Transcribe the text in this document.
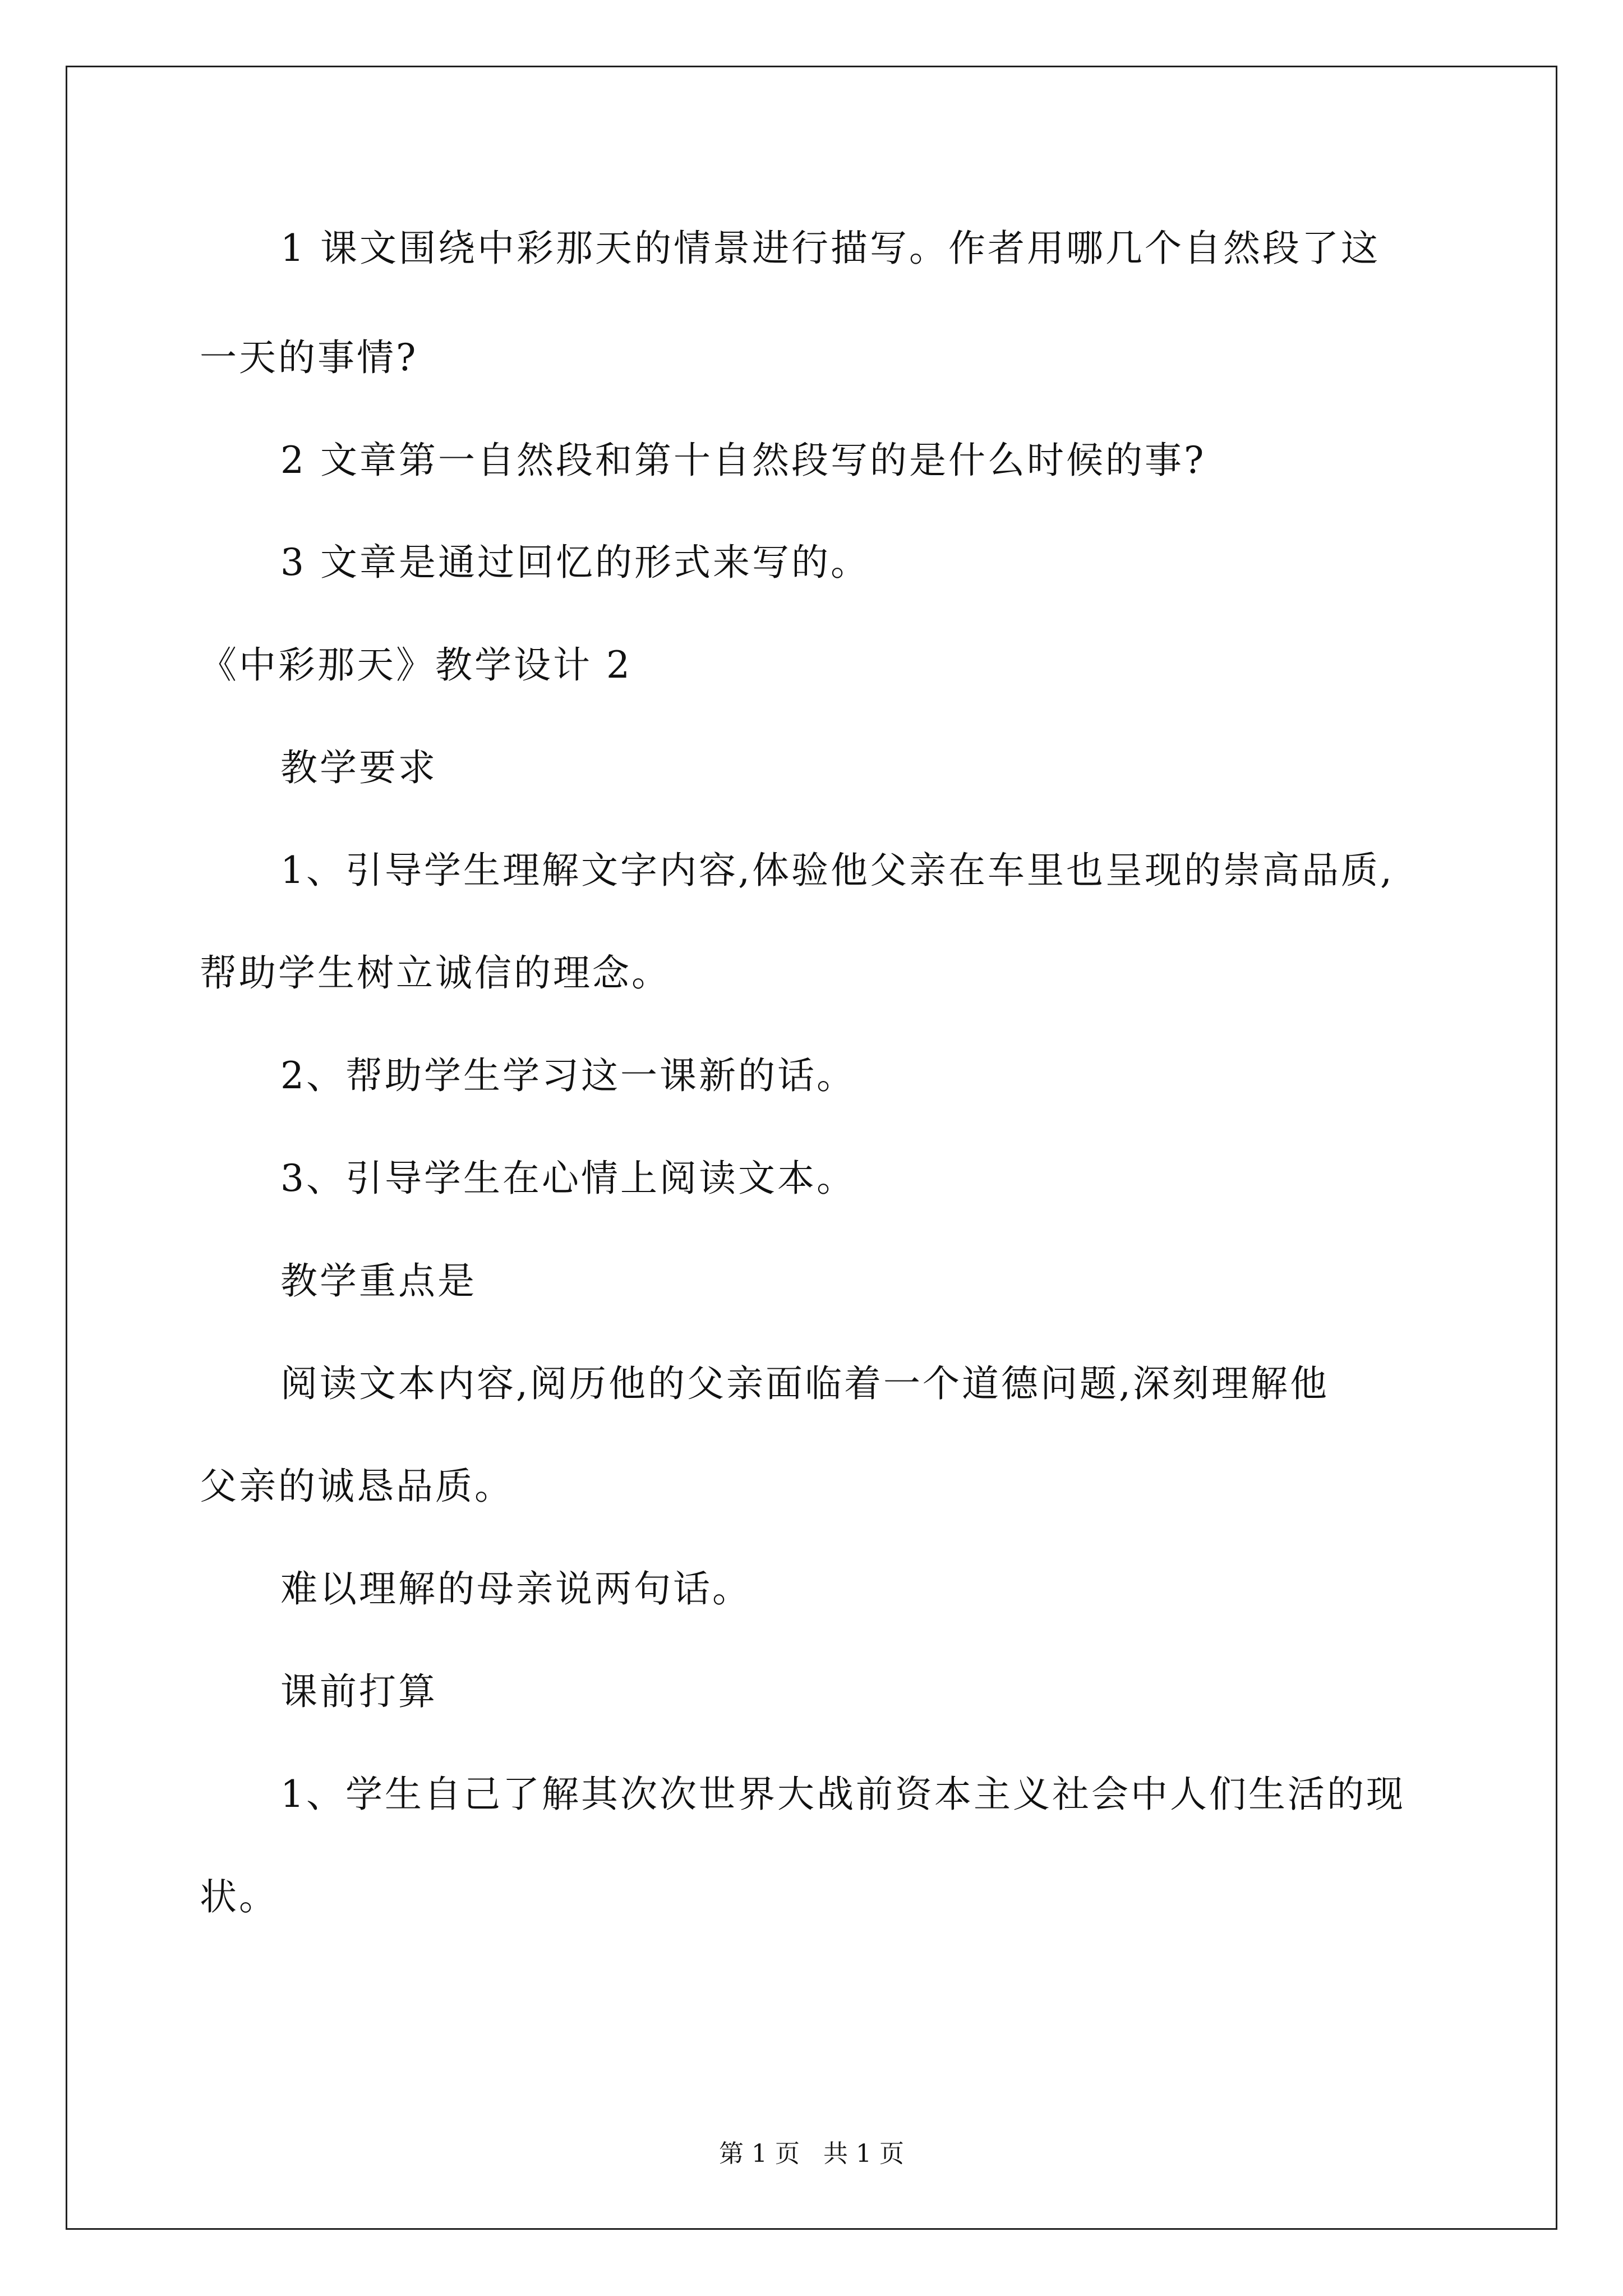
1 课文围绕中彩那天的情景进行描写。作者用哪几个自然段了这
一天的事情?
2 文章第一自然段和第十自然段写的是什么时候的事?
3 文章是通过回忆的形式来写的。
《中彩那天》教学设计 2
教学要求
1、引导学生理解文字内容,体验他父亲在车里也呈现的崇高品质,
帮助学生树立诚信的理念。
2、帮助学生学习这一课新的话。
3、引导学生在心情上阅读文本。
教学重点是
阅读文本内容,阅历他的父亲面临着一个道德问题,深刻理解他
父亲的诚恳品质。
难以理解的母亲说两句话。
课前打算
1、学生自己了解其次次世界大战前资本主义社会中人们生活的现
状。
第 1 页   共 1 页
